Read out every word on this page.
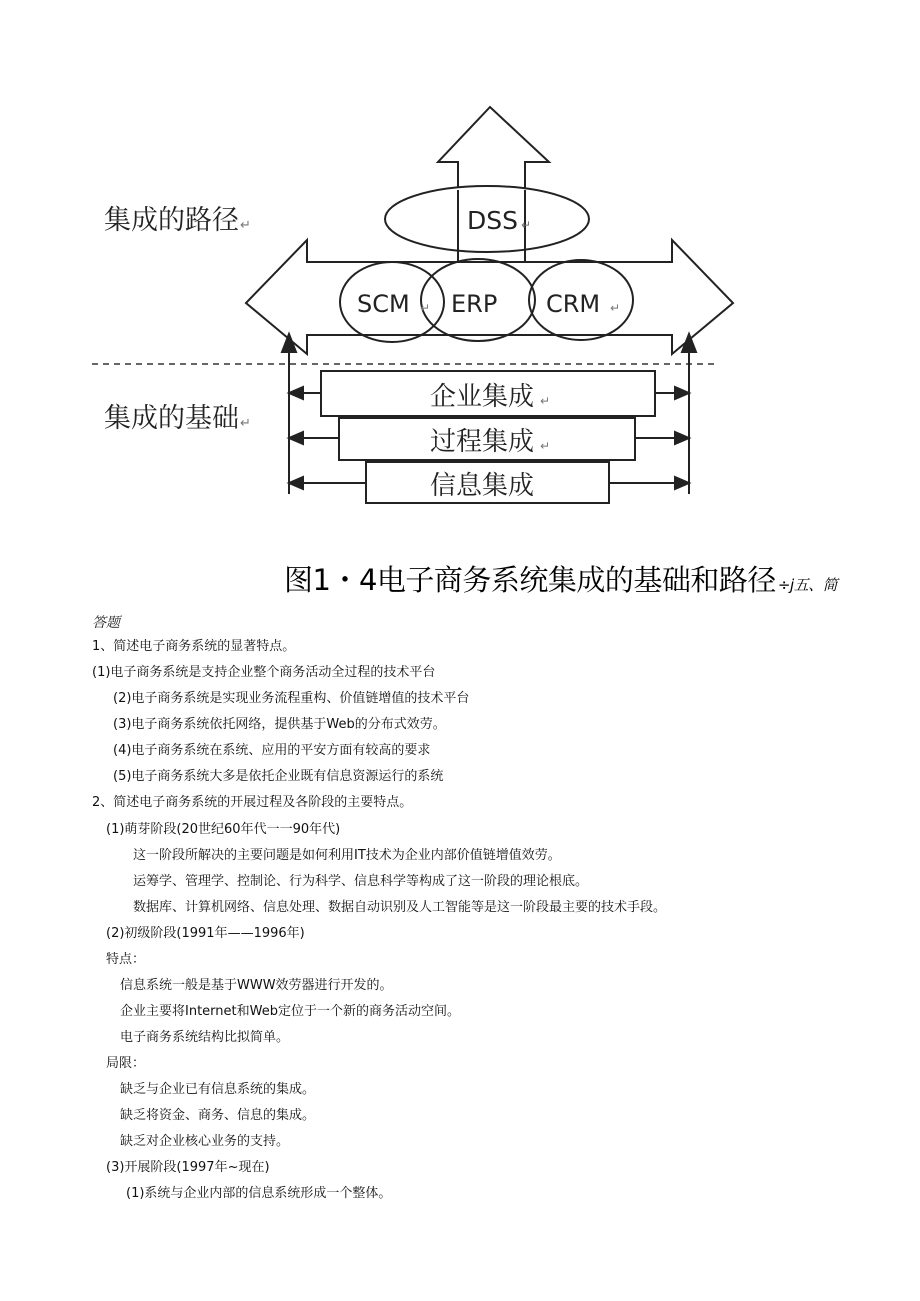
集成的路径 ↵
集成的基础 ↵
DSS ↵
SCM ↵ ERP CRM ↵
企业集成 ↵
过程集成 ↵
信息集成
图1・4电子商务系统集成的基础和路径 ÷j五、简
答题
1、简述电子商务系统的显著特点。
(1)电子商务系统是支持企业整个商务活动全过程的技术平台
(2)电子商务系统是实现业务流程重构、价值链增值的技术平台
(3)电子商务系统依托网络，提供基于Web的分布式效劳。
(4)电子商务系统在系统、应用的平安方面有较高的要求
(5)电子商务系统大多是依托企业既有信息资源运行的系统
2、简述电子商务系统的开展过程及各阶段的主要特点。
(1)萌芽阶段(20世纪60年代一一90年代)
这一阶段所解决的主要问题是如何利用IT技术为企业内部价值链增值效劳。
运筹学、管理学、控制论、行为科学、信息科学等构成了这一阶段的理论根底。
数据库、计算机网络、信息处理、数据自动识别及人工智能等是这一阶段最主要的技术手段。
(2)初级阶段(1991年——1996年)
特点：
信息系统一般是基于WWW效劳器进行开发的。
企业主要将Internet和Web定位于一个新的商务活动空间。
电子商务系统结构比拟简单。
局限：
缺乏与企业已有信息系统的集成。
缺乏将资金、商务、信息的集成。
缺乏对企业核心业务的支持。
(3)开展阶段(1997年~现在)
(1)系统与企业内部的信息系统形成一个整体。
